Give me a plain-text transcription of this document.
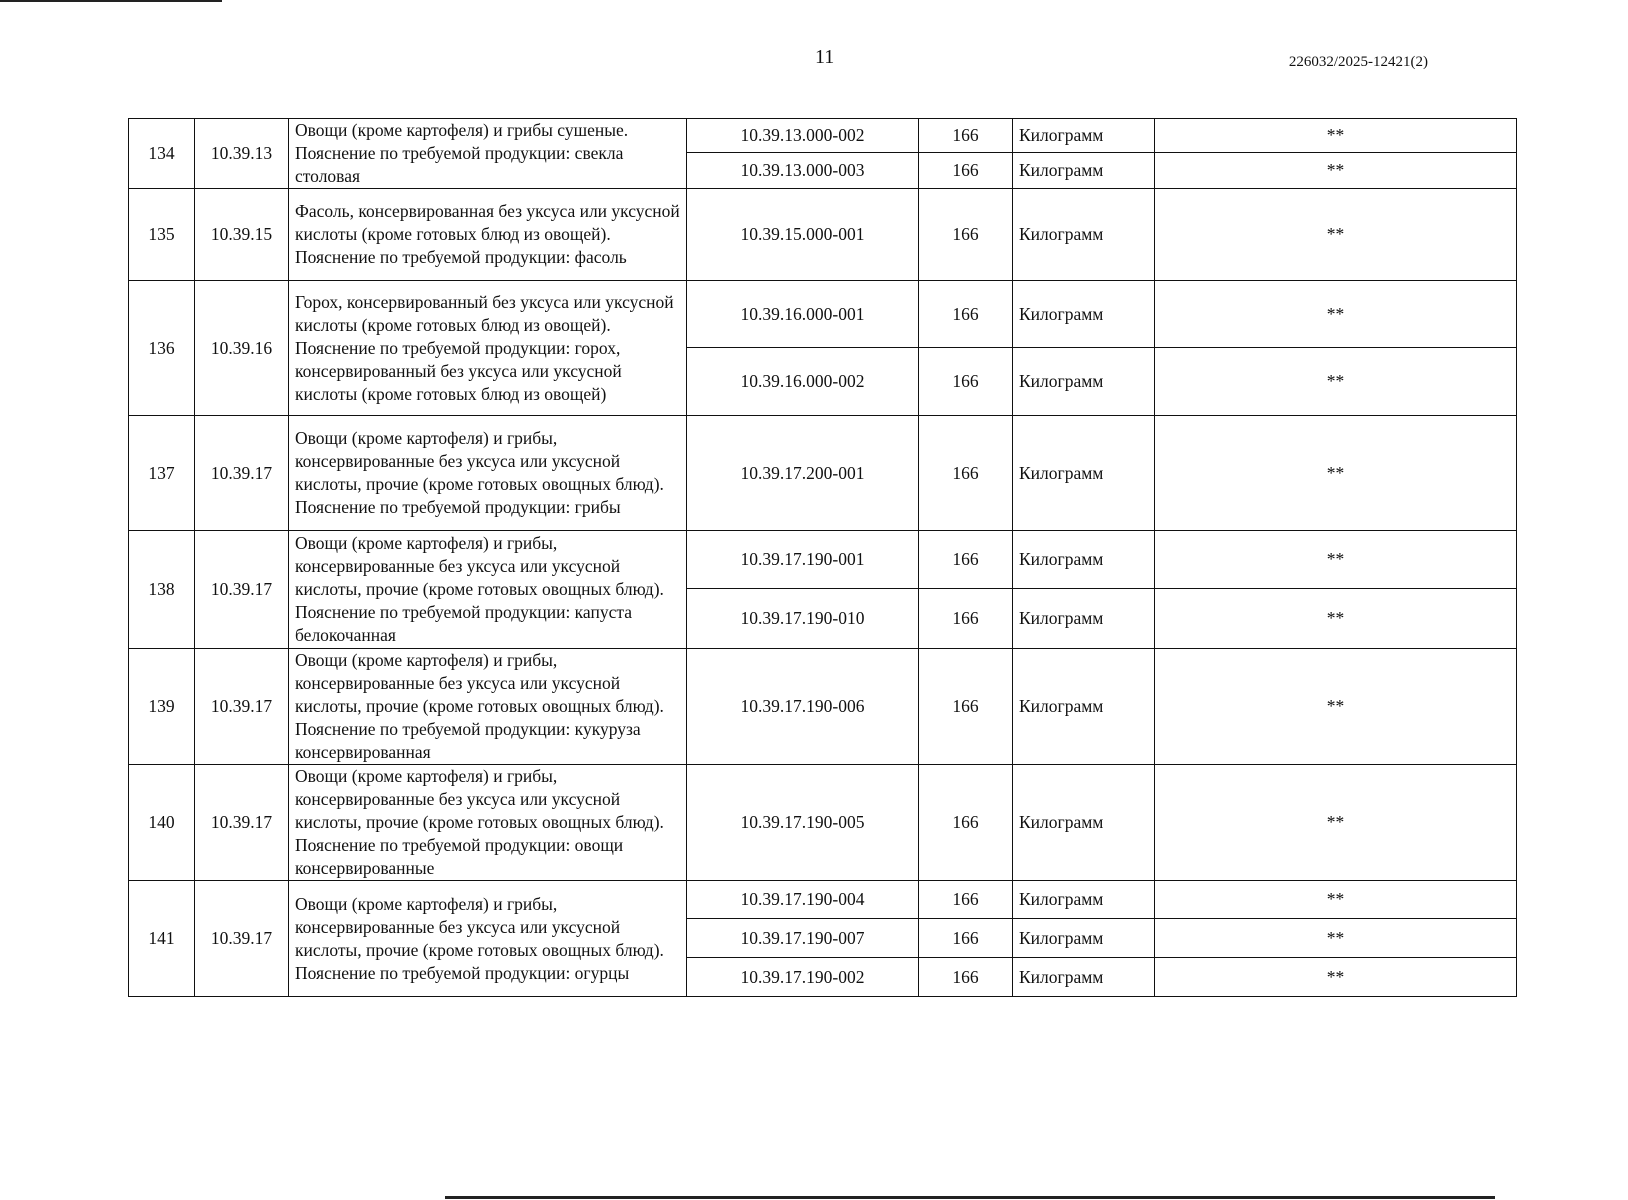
11	226032/2025-12421(2)
134	10.39.13	Овощи (кроме картофеля) и грибы сушеные. Пояснение по требуемой продукции: свекла столовая	10.39.13.000-002	166	Килограмм	**
			10.39.13.000-003	166	Килограмм	**
135	10.39.15	Фасоль, консервированная без уксуса или уксусной кислоты (кроме готовых блюд из овощей). Пояснение по требуемой продукции: фасоль	10.39.15.000-001	166	Килограмм	**
136	10.39.16	Горох, консервированный без уксуса или уксусной кислоты (кроме готовых блюд из овощей). Пояснение по требуемой продукции: горох, консервированный без уксуса или уксусной кислоты (кроме готовых блюд из овощей)	10.39.16.000-001	166	Килограмм	**
			10.39.16.000-002	166	Килограмм	**
137	10.39.17	Овощи (кроме картофеля) и грибы, консервированные без уксуса или уксусной кислоты, прочие (кроме готовых овощных блюд). Пояснение по требуемой продукции: грибы	10.39.17.200-001	166	Килограмм	**
138	10.39.17	Овощи (кроме картофеля) и грибы, консервированные без уксуса или уксусной кислоты, прочие (кроме готовых овощных блюд). Пояснение по требуемой продукции: капуста белокочанная	10.39.17.190-001	166	Килограмм	**
			10.39.17.190-010	166	Килограмм	**
139	10.39.17	Овощи (кроме картофеля) и грибы, консервированные без уксуса или уксусной кислоты, прочие (кроме готовых овощных блюд). Пояснение по требуемой продукции: кукуруза консервированная	10.39.17.190-006	166	Килограмм	**
140	10.39.17	Овощи (кроме картофеля) и грибы, консервированные без уксуса или уксусной кислоты, прочие (кроме готовых овощных блюд). Пояснение по требуемой продукции: овощи консервированные	10.39.17.190-005	166	Килограмм	**
141	10.39.17	Овощи (кроме картофеля) и грибы, консервированные без уксуса или уксусной кислоты, прочие (кроме готовых овощных блюд). Пояснение по требуемой продукции: огурцы	10.39.17.190-004	166	Килограмм	**
			10.39.17.190-007	166	Килограмм	**
			10.39.17.190-002	166	Килограмм	**
